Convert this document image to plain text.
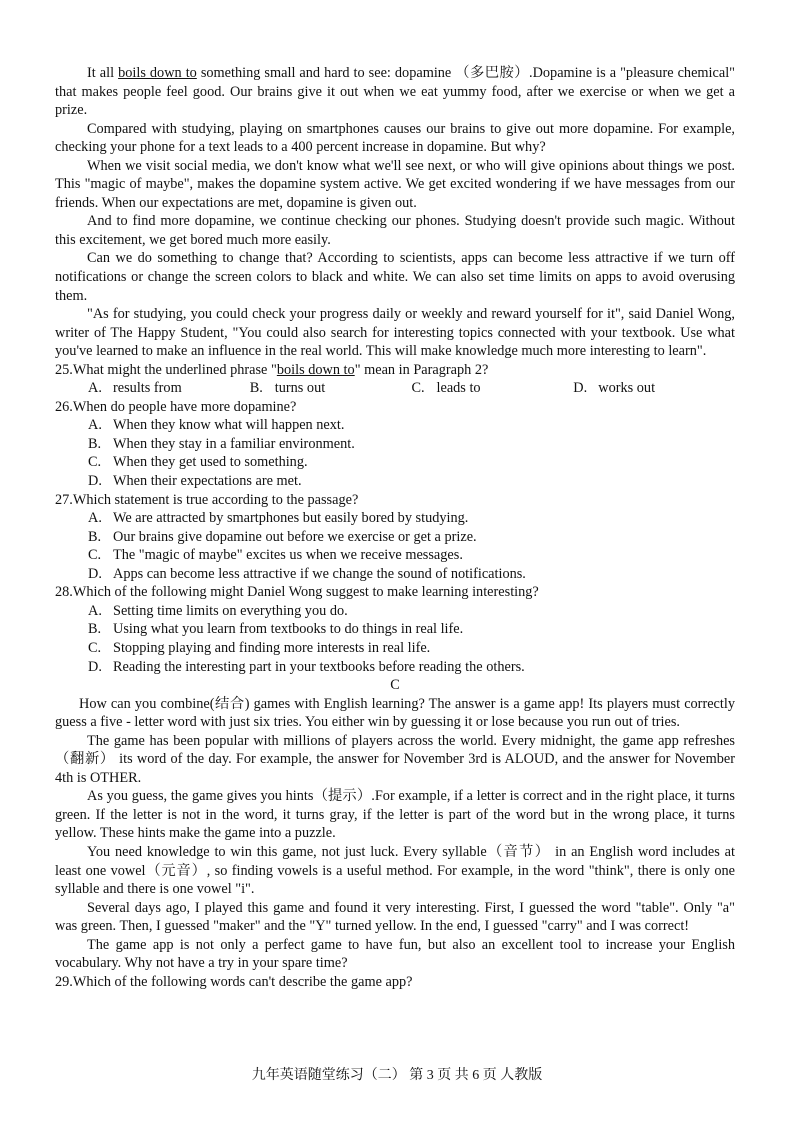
It all boils down to something small and hard to see: dopamine （多巴胺）.Dopamine is a "pleasure chemical" that makes people feel good. Our brains give it out when we eat yummy food, after we exercise or when we get a prize.

Compared with studying, playing on smartphones causes our brains to give out more dopamine. For example, checking your phone for a text leads to a 400 percent increase in dopamine. But why?

When we visit social media, we don't know what we'll see next, or who will give opinions about things we post. This "magic of maybe", makes the dopamine system active. We get excited wondering if we have messages from our friends. When our expectations are met, dopamine is given out.

And to find more dopamine, we continue checking our phones. Studying doesn't provide such magic. Without this excitement, we get bored much more easily.

Can we do something to change that? According to scientists, apps can become less attractive if we turn off notifications or change the screen colors to black and white. We can also set time limits on apps to avoid overusing them.

"As for studying, you could check your progress daily or weekly and reward yourself for it", said Daniel Wong, writer of The Happy Student, "You could also search for interesting topics connected with your textbook. Use what you've learned to make an influence in the real world. This will make knowledge much more interesting to learn".

25.What might the underlined phrase "boils down to" mean in Paragraph 2?

A. results from	B. turns out	C. leads to	D. works out

26.When do people have more dopamine?

A. When they know what will happen next.

B. When they stay in a familiar environment.

C. When they get used to something.

D. When their expectations are met.

27.Which statement is true according to the passage?

A. We are attracted by smartphones but easily bored by studying.

B. Our brains give dopamine out before we exercise or get a prize.

C. The "magic of maybe" excites us when we receive messages.

D. Apps can become less attractive if we change the sound of notifications.

28.Which of the following might Daniel Wong suggest to make learning interesting?

A. Setting time limits on everything you do.

B. Using what you learn from textbooks to do things in real life.

C. Stopping playing and finding more interests in real life.

D. Reading the interesting part in your textbooks before reading the others.

C

How can you combine(结合) games with English learning? The answer is a game app! Its players must correctly guess a five - letter word with just six tries. You either win by guessing it or lose because you run out of tries.

The game has been popular with millions of players across the world. Every midnight, the game app refreshes（翻新） its word of the day. For example, the answer for November 3rd is ALOUD, and the answer for November 4th is OTHER.

As you guess, the game gives you hints（提示）.For example, if a letter is correct and in the right place, it turns green. If the letter is not in the word, it turns gray, if the letter is part of the word but in the wrong place, it turns yellow. These hints make the game into a puzzle.

You need knowledge to win this game, not just luck. Every syllable（音节） in an English word includes at least one vowel（元音）, so finding vowels is a useful method. For example, in the word "think", there is only one syllable and there is one vowel "i".

Several days ago, I played this game and found it very interesting. First, I guessed the word "table". Only "a" was green. Then, I guessed "maker" and the "Y" turned yellow. In the end, I guessed "carry" and I was correct!

The game app is not only a perfect game to have fun, but also an excellent tool to increase your English vocabulary. Why not have a try in your spare time?

29.Which of the following words can't describe the game app?

九年英语随堂练习（二） 第 3 页 共 6 页 人教版
